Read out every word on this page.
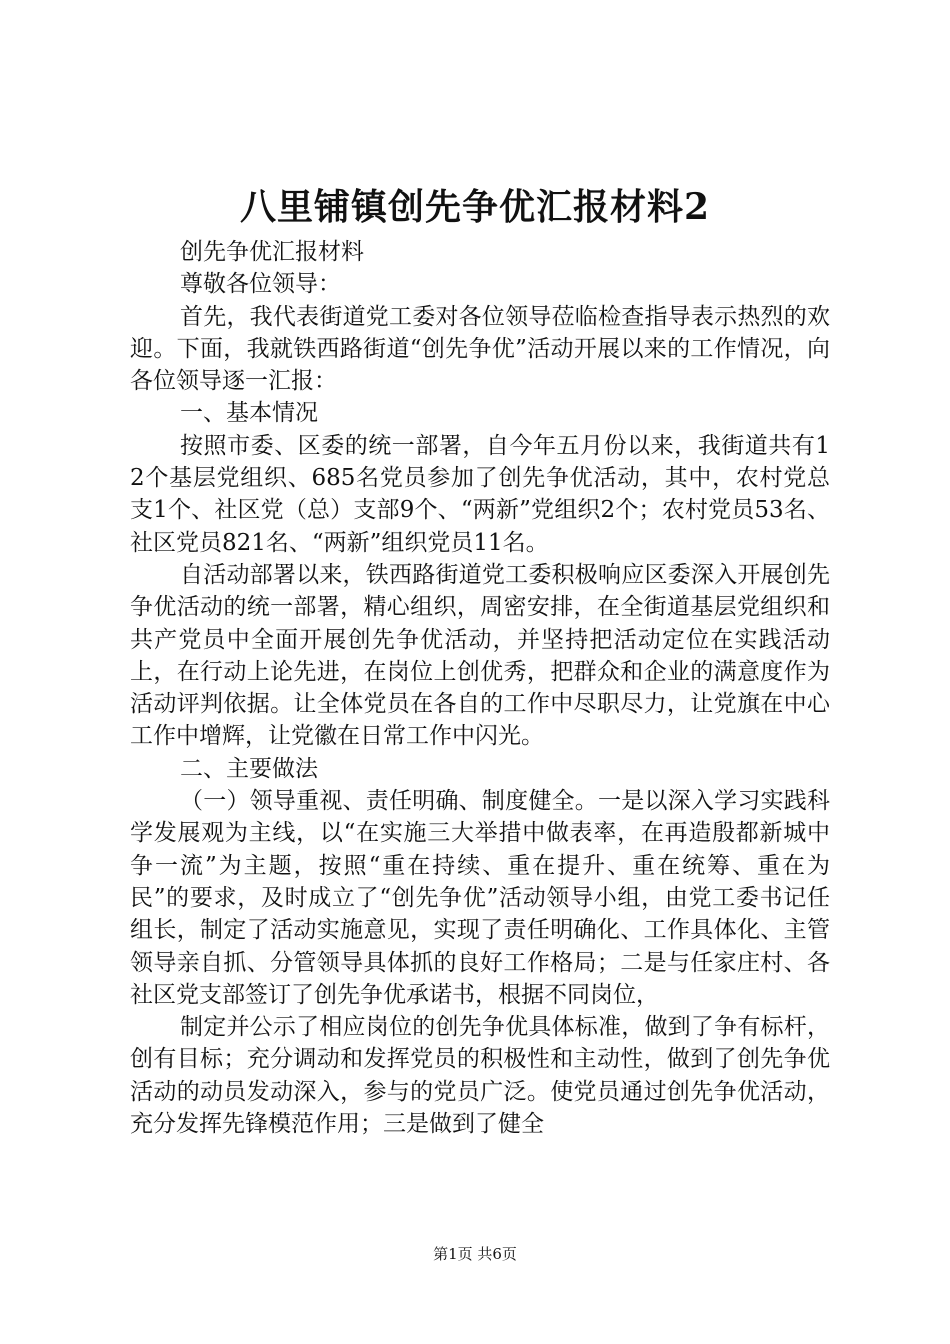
八里铺镇创先争优汇报材料2

创先争优汇报材料

尊敬各位领导：

首先，我代表街道党工委对各位领导莅临检查指导表示热烈的欢迎。下面，我就铁西路街道“创先争优”活动开展以来的工作情况，向各位领导逐一汇报：

一、基本情况

按照市委、区委的统一部署，自今年五月份以来，我街道共有12个基层党组织、685名党员参加了创先争优活动，其中，农村党总支1个、社区党（总）支部9个、“两新”党组织2个；农村党员53名、社区党员821名、“两新”组织党员11名。

自活动部署以来，铁西路街道党工委积极响应区委深入开展创先争优活动的统一部署，精心组织，周密安排，在全街道基层党组织和共产党员中全面开展创先争优活动，并坚持把活动定位在实践活动上，在行动上论先进，在岗位上创优秀，把群众和企业的满意度作为活动评判依据。让全体党员在各自的工作中尽职尽力，让党旗在中心工作中增辉，让党徽在日常工作中闪光。

二、主要做法

（一）领导重视、责任明确、制度健全。一是以深入学习实践科学发展观为主线，以“在实施三大举措中做表率，在再造殷都新城中争一流”为主题，按照“重在持续、重在提升、重在统筹、重在为民”的要求，及时成立了“创先争优”活动领导小组，由党工委书记任组长，制定了活动实施意见，实现了责任明确化、工作具体化、主管领导亲自抓、分管领导具体抓的良好工作格局；二是与任家庄村、各社区党支部签订了创先争优承诺书，根据不同岗位，

制定并公示了相应岗位的创先争优具体标准，做到了争有标杆，创有目标；充分调动和发挥党员的积极性和主动性，做到了创先争优活动的动员发动深入，参与的党员广泛。使党员通过创先争优活动，充分发挥先锋模范作用；三是做到了健全

第1页 共6页
